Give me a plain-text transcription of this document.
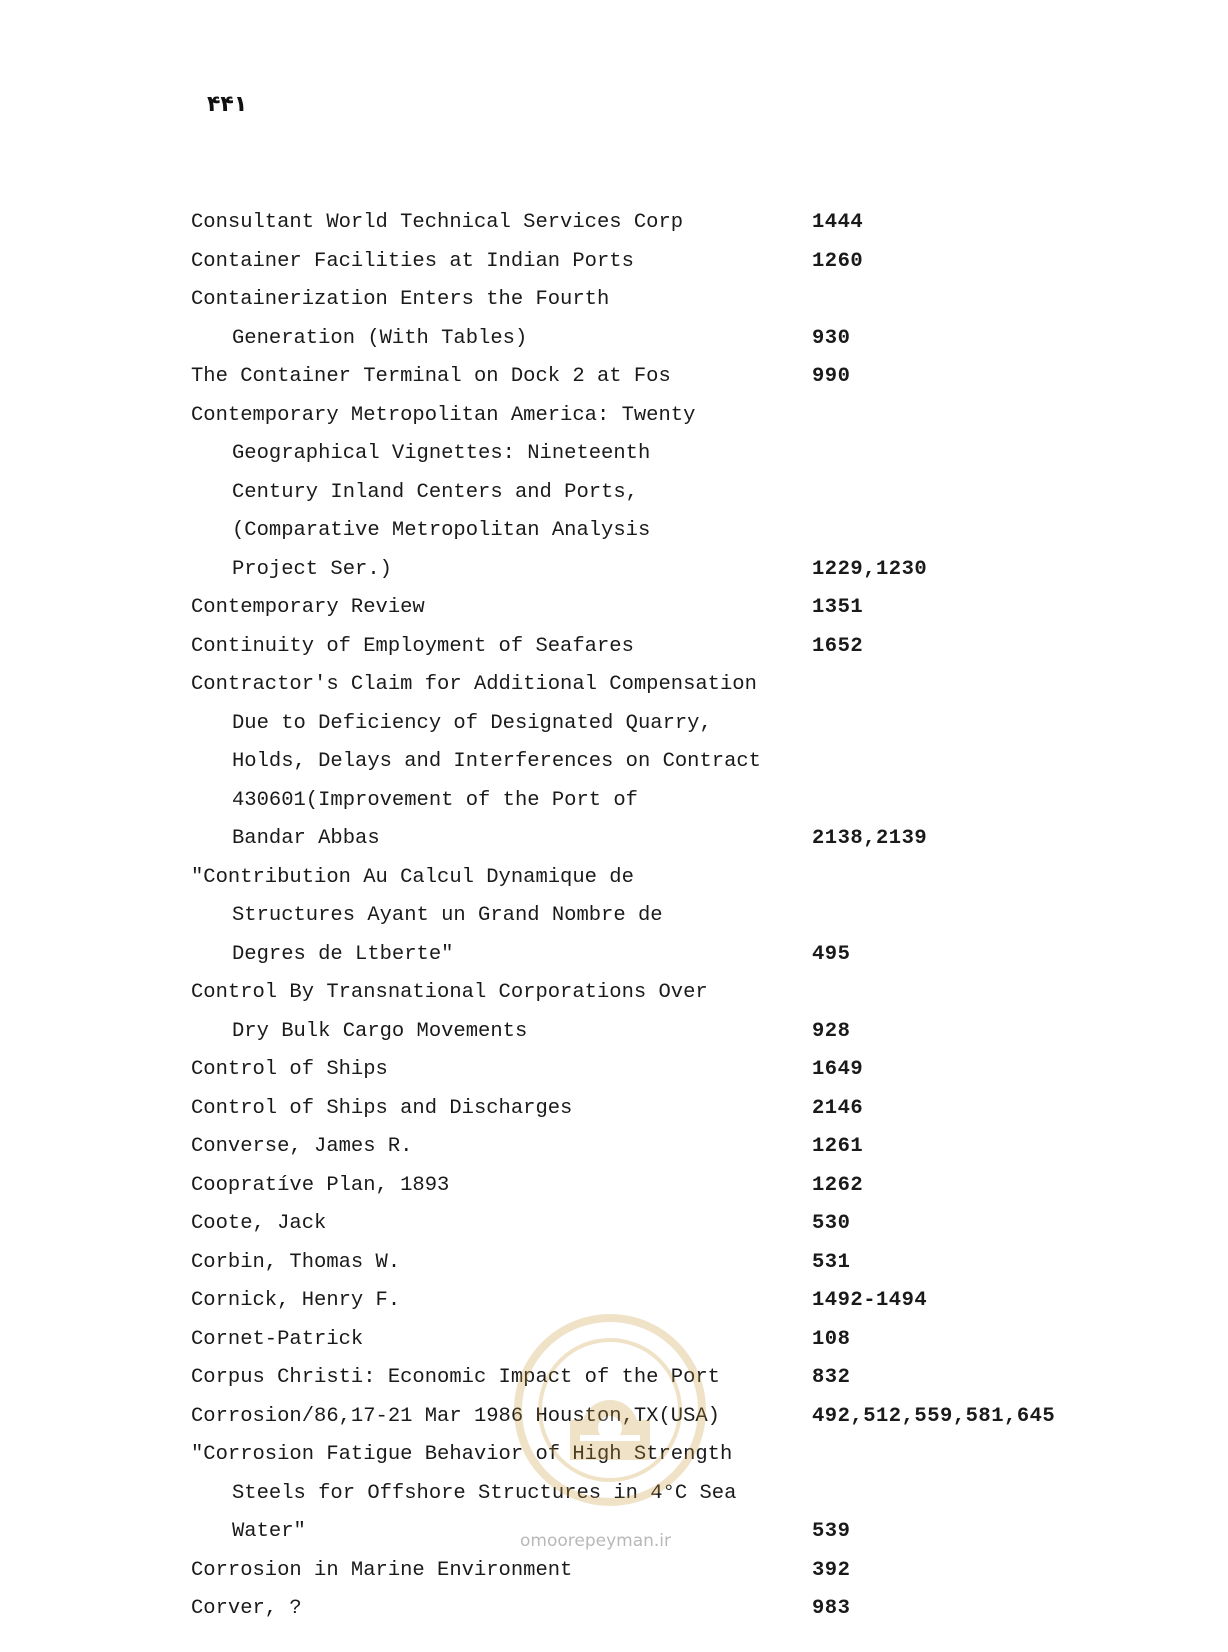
۴۴۱
Consultant World Technical Services Corp	1444
Container Facilities at Indian Ports	1260
Containerization Enters the Fourth
Generation (With Tables)	930
The Container Terminal on Dock 2 at Fos	990
Contemporary Metropolitan America: Twenty
Geographical Vignettes: Nineteenth
Century Inland Centers and Ports,
(Comparative Metropolitan Analysis
Project Ser.)	1229,1230
Contemporary Review	1351
Continuity of Employment of Seafares	1652
Contractor's Claim for Additional Compensation
Due to Deficiency of Designated Quarry,
Holds, Delays and Interferences on Contract
430601(Improvement of the Port of
Bandar Abbas	2138,2139
"Contribution Au Calcul Dynamique de
Structures Ayant un Grand Nombre de
Degres de Ltberte"	495
Control By Transnational Corporations Over
Dry Bulk Cargo Movements	928
Control of Ships	1649
Control of Ships and Discharges	2146
Converse, James R.	1261
Coopratíve Plan, 1893	1262
Coote, Jack	530
Corbin, Thomas W.	531
Cornick, Henry F.	1492-1494
Cornet-Patrick	108
Corpus Christi: Economic Impact of the Port	832
Corrosion/86,17-21 Mar 1986 Houston,TX(USA)	492,512,559,581,645
"Corrosion Fatigue Behavior of High Strength
Steels for Offshore Structures in 4°C Sea
Water"	539
Corrosion in Marine Environment	392
Corver, ?	983
omoorepeyman.ir
